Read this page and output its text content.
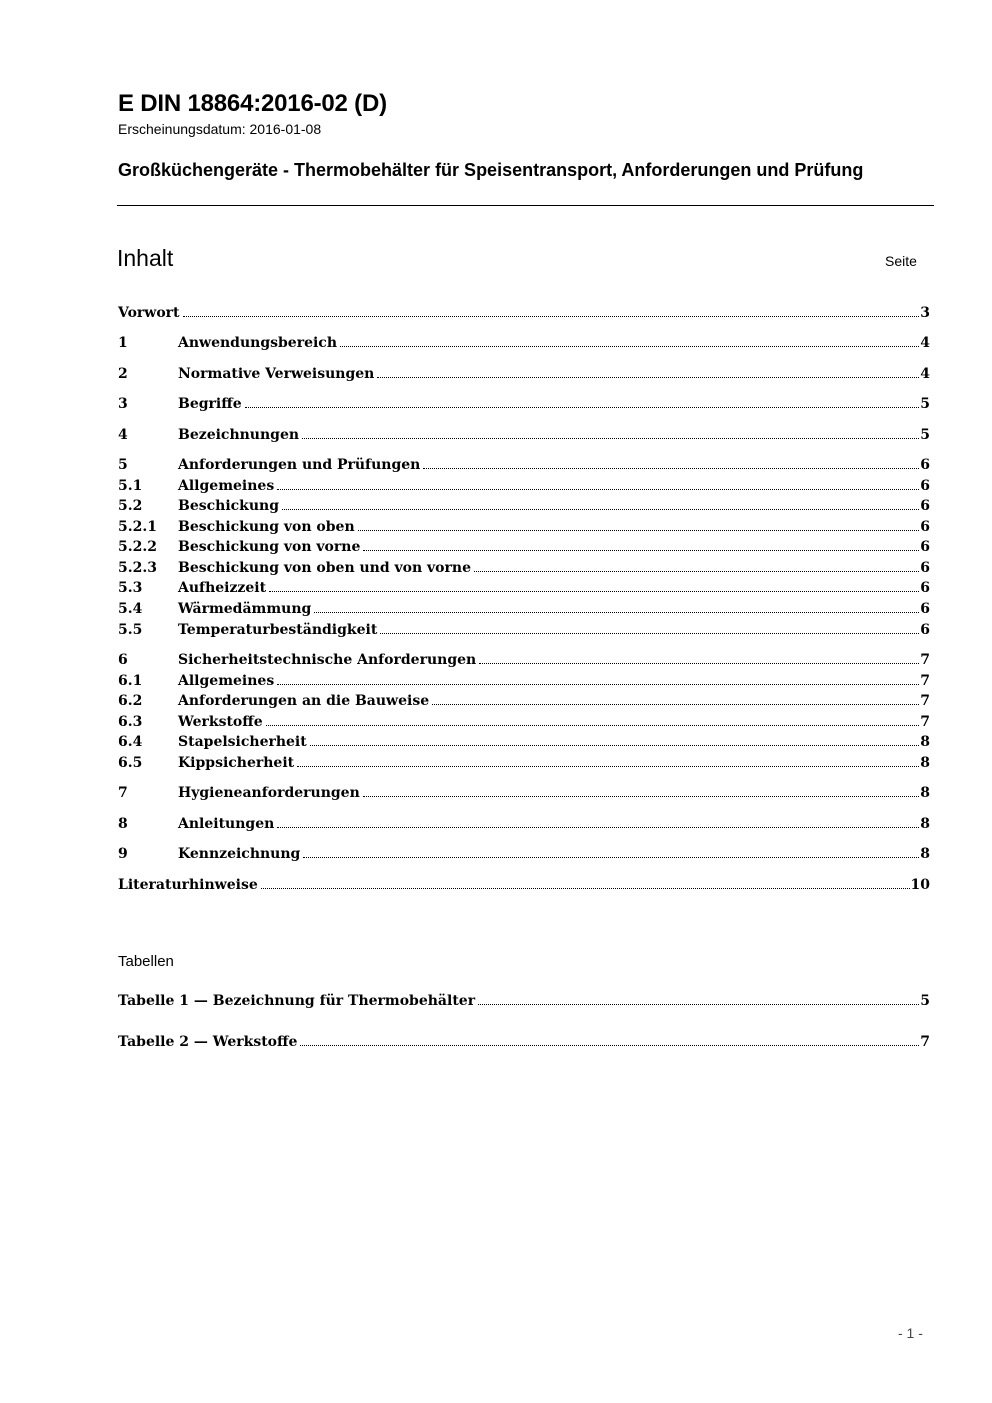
E DIN 18864:2016-02 (D)
Erscheinungsdatum: 2016-01-08
Großküchengeräte - Thermobehälter für Speisentransport, Anforderungen und Prüfung
Inhalt	Seite
Vorwort	3
1	Anwendungsbereich	4
2	Normative Verweisungen	4
3	Begriffe	5
4	Bezeichnungen	5
5	Anforderungen und Prüfungen	6
5.1	Allgemeines	6
5.2	Beschickung	6
5.2.1	Beschickung von oben	6
5.2.2	Beschickung von vorne	6
5.2.3	Beschickung von oben und von vorne	6
5.3	Aufheizzeit	6
5.4	Wärmedämmung	6
5.5	Temperaturbeständigkeit	6
6	Sicherheitstechnische Anforderungen	7
6.1	Allgemeines	7
6.2	Anforderungen an die Bauweise	7
6.3	Werkstoffe	7
6.4	Stapelsicherheit	8
6.5	Kippsicherheit	8
7	Hygieneanforderungen	8
8	Anleitungen	8
9	Kennzeichnung	8
Literaturhinweise	10
Tabellen
Tabelle 1 — Bezeichnung für Thermobehälter	5
Tabelle 2 — Werkstoffe	7
- 1 -
